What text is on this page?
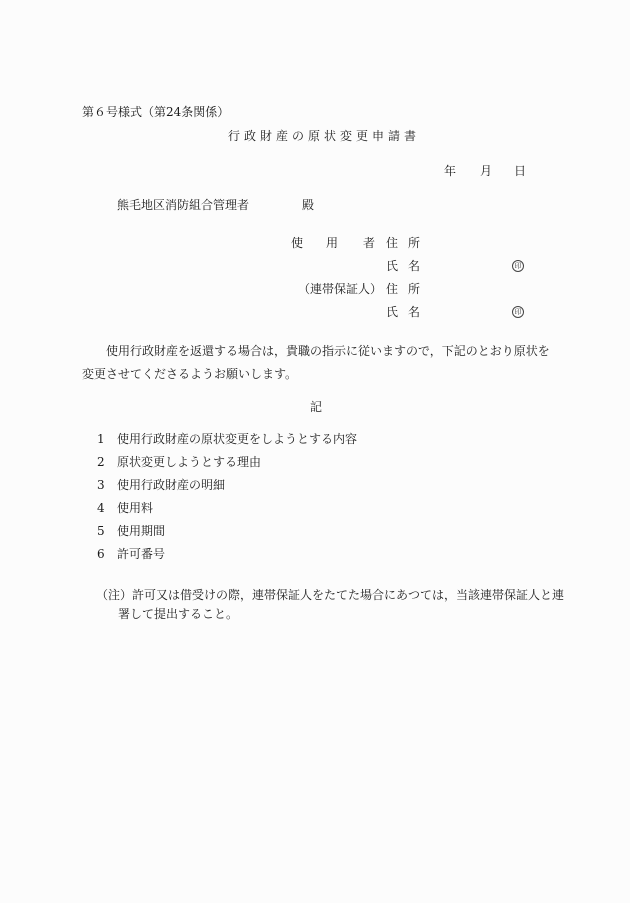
第６号様式（第24条関係）
行政財産の原状変更申請書
年 月 日
熊毛地区消防組合管理者	殿
使 用 者 住 所
氏 名	印
（連帯保証人） 住 所
氏 名	印
使用行政財産を返還する場合は，貴職の指示に従いますので，下記のとおり原状を変更させてくださるようお願いします。
記
1 使用行政財産の原状変更をしようとする内容
2 原状変更しようとする理由
3 使用行政財産の明細
4 使用料
5 使用期間
6 許可番号
（注）許可又は借受けの際，連帯保証人をたてた場合にあつては，当該連帯保証人と連
署して提出すること。
